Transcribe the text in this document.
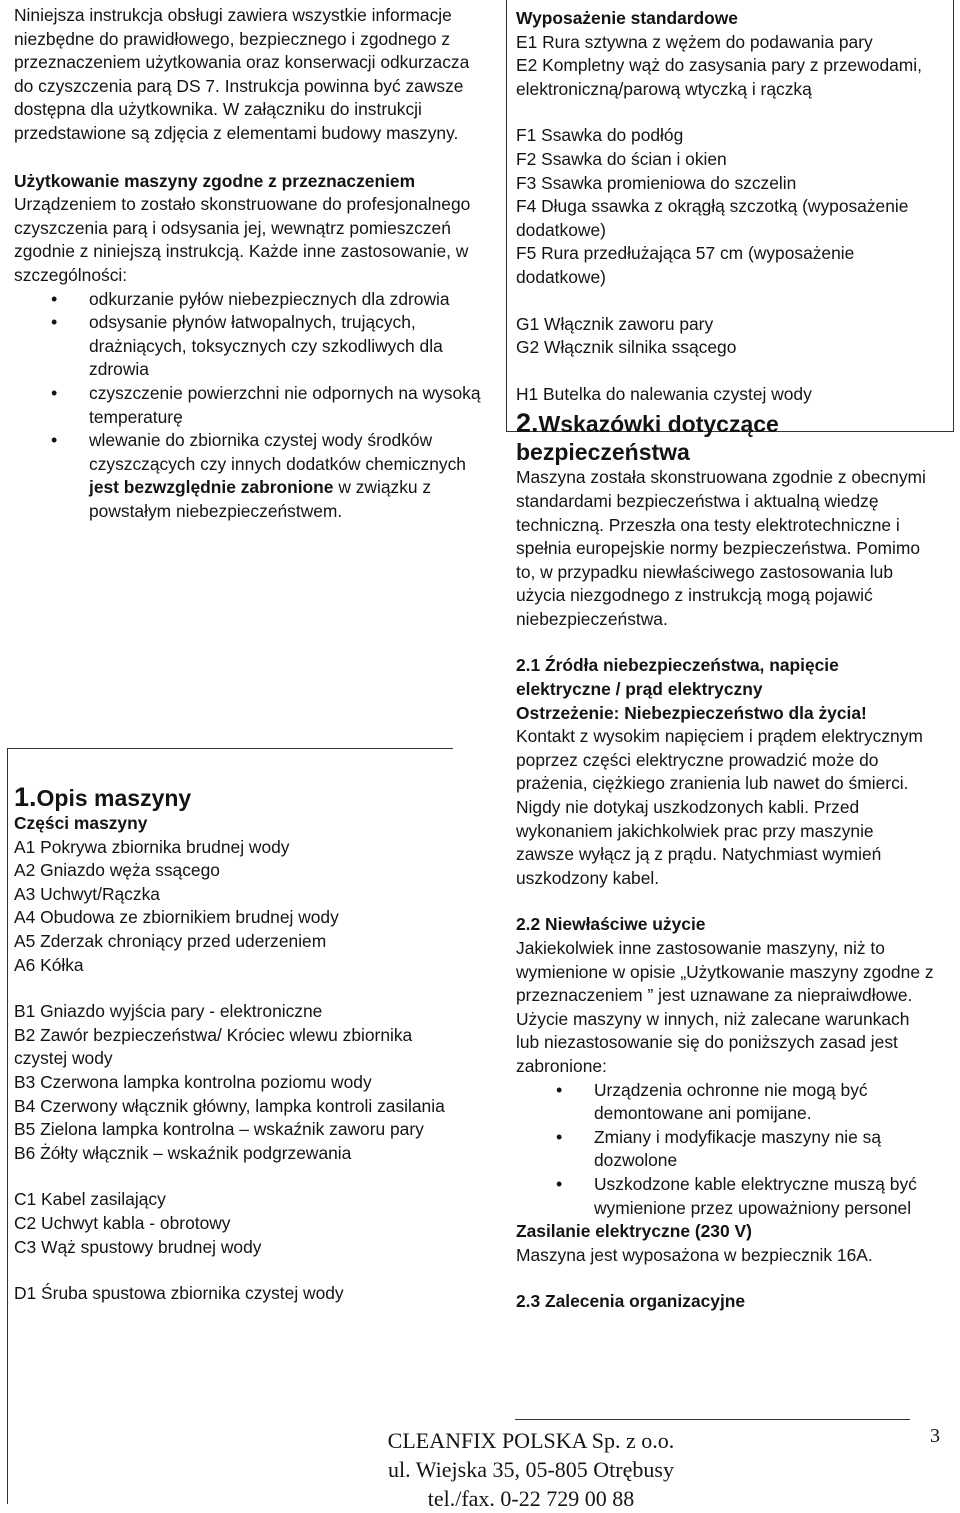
Niniejsza instrukcja obsługi zawiera wszystkie informacje niezbędne do prawidłowego, bezpiecznego i zgodnego z przeznaczeniem użytkowania oraz konserwacji odkurzacza do czyszczenia parą DS 7. Instrukcja powinna być zawsze dostępna dla użytkownika. W załączniku do instrukcji przedstawione są zdjęcia z elementami budowy maszyny.

Użytkowanie maszyny zgodne z przeznaczeniem

Urządzeniem to zostało skonstruowane do profesjonalnego czyszczenia parą i odsysania jej, wewnątrz pomieszczeń zgodnie z niniejszą instrukcją. Każde inne zastosowanie, w szczególności:

• odkurzanie pyłów niebezpiecznych dla zdrowia
• odsysanie płynów łatwopalnych, trujących, drażniących, toksycznych czy szkodliwych dla zdrowia
• czyszczenie powierzchni nie odpornych na wysoką temperaturę
• wlewanie do zbiornika czystej wody środków czyszczących czy innych dodatków chemicznych jest bezwzględnie zabronione w związku z powstałym niebezpieczeństwem.
1.Opis maszyny

Części maszyny

A1 Pokrywa zbiornika brudnej wody
A2 Gniazdo węża ssącego
A3 Uchwyt/Rączka
A4 Obudowa ze zbiornikiem brudnej wody
A5 Zderzak chroniący przed uderzeniem
A6 Kółka
B1 Gniazdo wyjścia pary - elektroniczne
B2 Zawór bezpieczeństwa/ Króciec wlewu zbiornika czystej wody
B3 Czerwona lampka kontrolna poziomu wody
B4 Czerwony włącznik główny, lampka kontroli zasilania
B5 Zielona lampka kontrolna – wskaźnik zaworu pary
B6 Żółty włącznik – wskaźnik podgrzewania
C1 Kabel zasilający
C2 Uchwyt kabla - obrotowy
C3 Wąż spustowy brudnej wody
D1 Śruba spustowa zbiornika czystej wody

Wyposażenie standardowe

E1 Rura sztywna z wężem do podawania pary
E2 Kompletny wąż do zasysania pary z przewodami, elektroniczną/parową wtyczką i rączką
F1 Ssawka do podłóg
F2 Ssawka do ścian i okien
F3 Ssawka promieniowa do szczelin
F4 Długa ssawka z okrągłą szczotką (wyposażenie dodatkowe)
F5 Rura przedłużająca 57 cm (wyposażenie dodatkowe)
G1 Włącznik zaworu pary
G2 Włącznik silnika ssącego
H1 Butelka do nalewania czystej wody
2.Wskazówki dotyczące bezpieczeństwa

Maszyna została skonstruowana zgodnie z obecnymi standardami bezpieczeństwa i aktualną wiedzę techniczną. Przeszła ona testy elektrotechniczne i spełnia europejskie normy bezpieczeństwa. Pomimo to, w przypadku niewłaściwego zastosowania lub użycia niezgodnego z instrukcją mogą pojawić niebezpieczeństwa.

2.1 Źródła niebezpieczeństwa, napięcie elektryczne / prąd elektryczny

Ostrzeżenie: Niebezpieczeństwo dla życia!

Kontakt z wysokim napięciem i prądem elektrycznym poprzez części elektryczne prowadzić może do prażenia, ciężkiego zranienia lub nawet do śmierci. Nigdy nie dotykaj uszkodzonych kabli. Przed wykonaniem jakichkolwiek prac przy maszynie zawsze wyłącz ją z prądu. Natychmiast wymień uszkodzony kabel.

2.2 Niewłaściwe użycie

Jakiekolwiek inne zastosowanie maszyny, niż to wymienione w opisie „Użytkowanie maszyny zgodne z przeznaczeniem ” jest uznawane za niepraiwdłowe. Użycie maszyny w innych, niż zalecane warunkach lub niezastosowanie się do poniższych zasad jest zabronione:

• Urządzenia ochronne nie mogą być demontowane ani pomijane.
• Zmiany i modyfikacje maszyny nie są dozwolone
• Uszkodzone kable elektryczne muszą być wymienione przez upoważniony personel

Zasilanie elektryczne (230 V)

Maszyna jest wyposażona w bezpiecznik 16A.

2.3 Zalecenia organizacyjne

CLEANFIX POLSKA Sp. z o.o.
ul. Wiejska 35, 05-805 Otrębusy
tel./fax. 0-22 729 00 88
3
